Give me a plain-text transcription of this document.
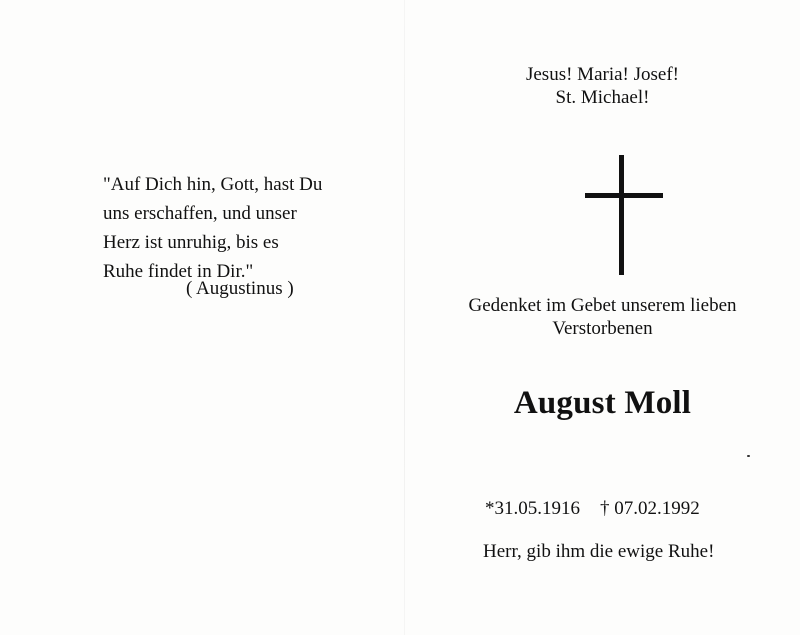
"Auf Dich hin, Gott, hast Du
uns erschaffen, und unser
Herz ist unruhig, bis es
Ruhe findet in Dir."
( Augustinus )
Jesus! Maria! Josef!
St. Michael!
Gedenket im Gebet unserem lieben
Verstorbenen
August Moll
*31.05.1916 † 07.02.1992
Herr, gib ihm die ewige Ruhe!
